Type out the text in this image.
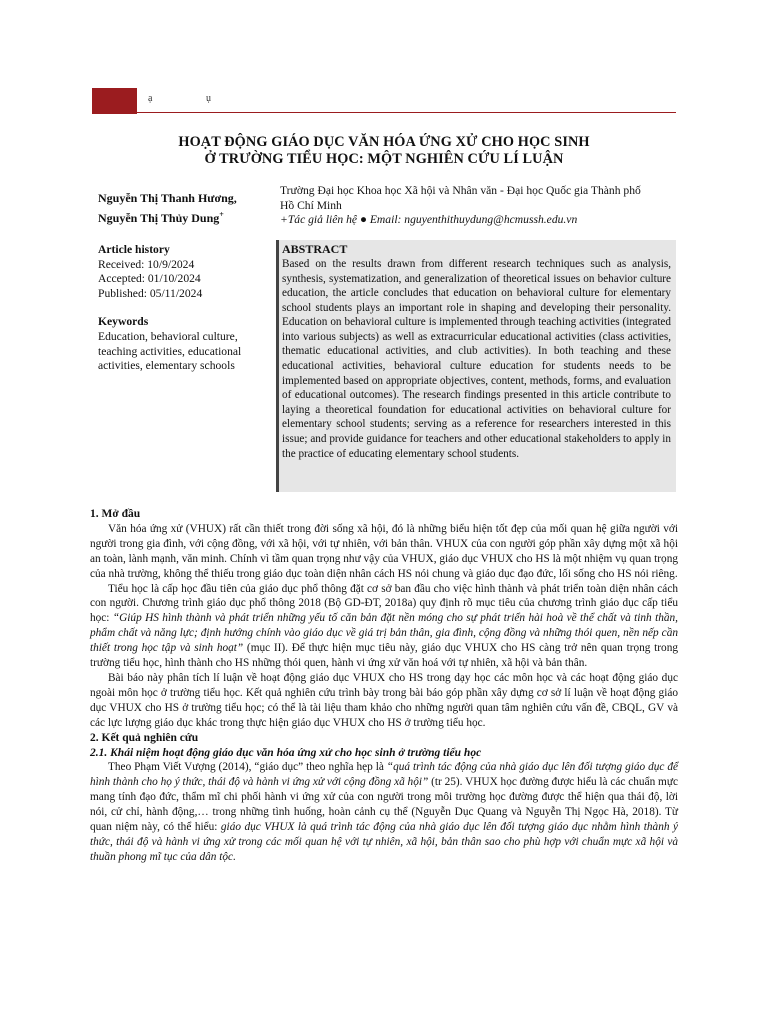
ạ	ụ
HOẠT ĐỘNG GIÁO DỤC VĂN HÓA ỨNG XỬ CHO HỌC SINH
Ở TRƯỜNG TIỂU HỌC: MỘT NGHIÊN CỨU LÍ LUẬN
Nguyễn Thị Thanh Hương,
Nguyễn Thị Thủy Dung+
Trường Đại học Khoa học Xã hội và Nhân văn - Đại học Quốc gia Thành phố
Hồ Chí Minh
+Tác giả liên hệ ● Email: nguyenthithuydung@hcmussh.edu.vn
Article history
Received: 10/9/2024
Accepted: 01/10/2024
Published: 05/11/2024
Keywords
Education, behavioral culture, teaching activities, educational activities, elementary schools
ABSTRACT
Based on the results drawn from different research techniques such as analysis, synthesis, systematization, and generalization of theoretical issues on behavior culture education, the article concludes that education on behavioral culture for elementary school students plays an important role in shaping and developing their personality. Education on behavioral culture is implemented through teaching activities (integrated into various subjects) as well as extracurricular educational activities (class activities, thematic educational activities, and club activities). In both teaching and these educational activities, behavioral culture education for students needs to be implemented based on appropriate objectives, content, methods, forms, and evaluation of educational outcomes). The research findings presented in this article contribute to laying a theoretical foundation for educational activities on behavioral culture for elementary school students; serving as a reference for researchers interested in this issue; and provide guidance for teachers and other educational stakeholders to apply in the practice of educating elementary school students.
1. Mở đầu

Văn hóa ứng xử (VHUX) rất cần thiết trong đời sống xã hội, đó là những biểu hiện tốt đẹp của mối quan hệ giữa người với người trong gia đình, với cộng đồng, với xã hội, với tự nhiên, với bản thân. VHUX của con người góp phần xây dựng một xã hội an toàn, lành mạnh, văn minh. Chính vì tầm quan trọng như vậy của VHUX, giáo dục VHUX cho HS là một nhiệm vụ quan trọng của nhà trường, không thể thiếu trong giáo dục toàn diện nhân cách HS nói chung và giáo dục đạo đức, lối sống cho HS nói riêng.

Tiểu học là cấp học đầu tiên của giáo dục phổ thông đặt cơ sở ban đầu cho việc hình thành và phát triển toàn diện nhân cách con người. Chương trình giáo dục phổ thông 2018 (Bộ GD-ĐT, 2018a) quy định rõ mục tiêu của chương trình giáo dục cấp tiểu học: “Giúp HS hình thành và phát triển những yếu tố căn bản đặt nền móng cho sự phát triển hài hoà về thể chất và tinh thần, phẩm chất và năng lực; định hướng chính vào giáo dục về giá trị bản thân, gia đình, cộng đồng và những thói quen, nền nếp cần thiết trong học tập và sinh hoạt” (mục II). Để thực hiện mục tiêu này, giáo dục VHUX cho HS càng trở nên quan trọng trong trường tiểu học, hình thành cho HS những thói quen, hành vi ứng xử văn hoá với tự nhiên, xã hội và bản thân.

Bài báo này phân tích lí luận về hoạt động giáo dục VHUX cho HS trong dạy học các môn học và các hoạt động giáo dục ngoài môn học ở trường tiểu học. Kết quả nghiên cứu trình bày trong bài báo góp phần xây dựng cơ sở lí luận về hoạt động giáo dục VHUX cho HS ở trường tiểu học; có thể là tài liệu tham khảo cho những người quan tâm nghiên cứu vấn đề, CBQL, GV và các lực lượng giáo dục khác trong thực hiện giáo dục VHUX cho HS ở trường tiểu học.

2. Kết quả nghiên cứu
2.1. Khái niệm hoạt động giáo dục văn hóa ứng xử cho học sinh ở trường tiểu học

Theo Phạm Viết Vượng (2014), “giáo dục” theo nghĩa hẹp là “quá trình tác động của nhà giáo dục lên đối tượng giáo dục để hình thành cho họ ý thức, thái độ và hành vi ứng xử với cộng đồng xã hội” (tr 25). VHUX học đường được hiểu là các chuẩn mực mang tính đạo đức, thẩm mĩ chi phối hành vi ứng xử của con người trong môi trường học đường được thể hiện qua thái độ, lời nói, cử chỉ, hành động,… trong những tình huống, hoàn cảnh cụ thể (Nguyễn Dục Quang và Nguyễn Thị Ngọc Hà, 2018). Từ quan niệm này, có thể hiểu: giáo dục VHUX là quá trình tác động của nhà giáo dục lên đối tượng giáo dục nhằm hình thành ý thức, thái độ và hành vi ứng xử trong các mối quan hệ với tự nhiên, xã hội, bản thân sao cho phù hợp với chuẩn mực xã hội và thuần phong mĩ tục của dân tộc.
